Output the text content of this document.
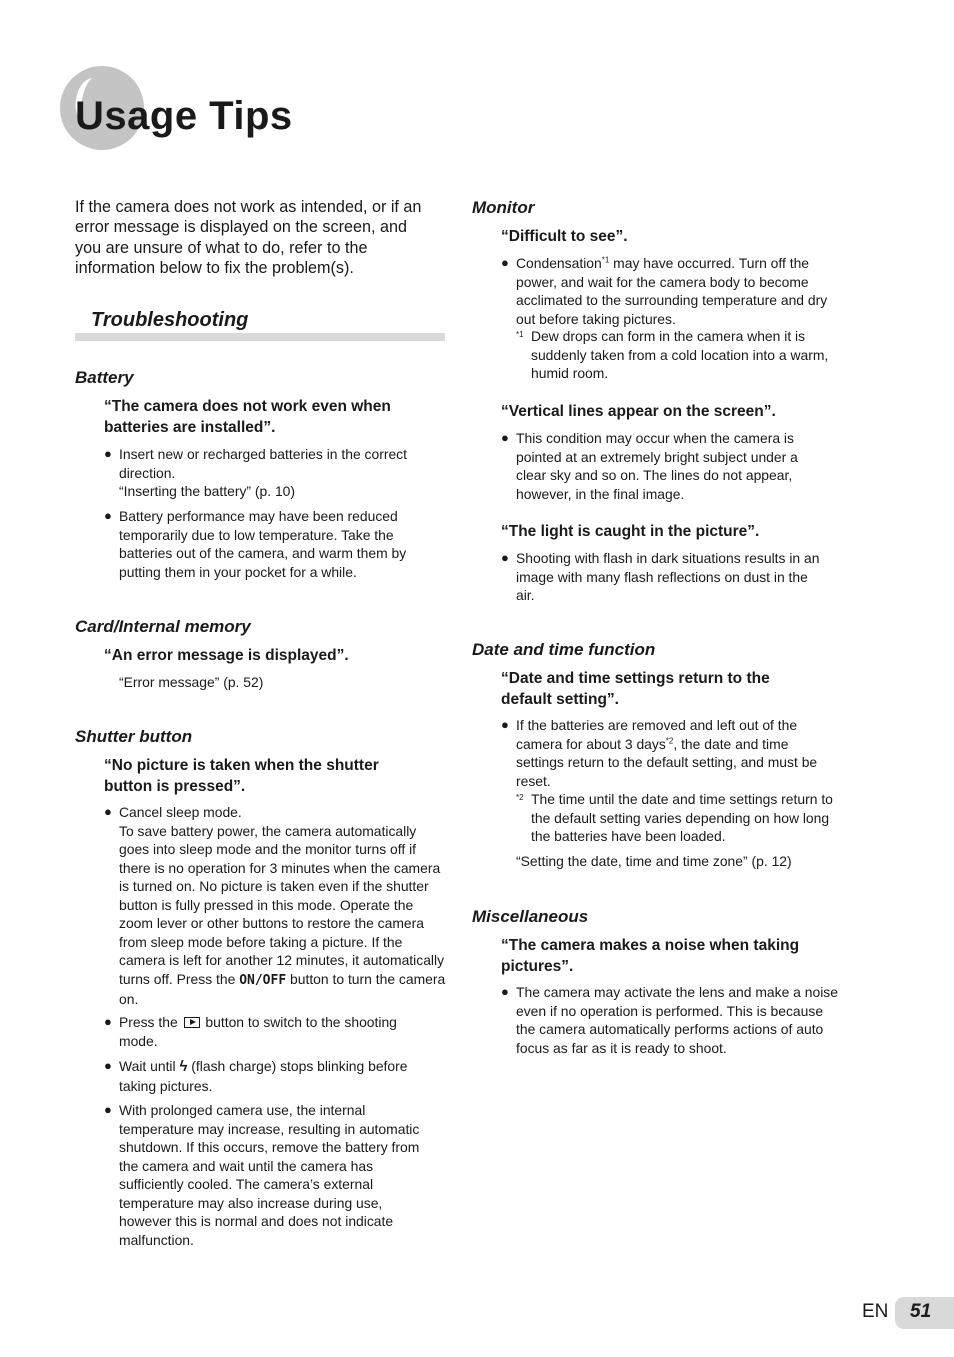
Usage Tips

If the camera does not work as intended, or if an error message is displayed on the screen, and you are unsure of what to do, refer to the information below to fix the problem(s).

Troubleshooting
Battery

“The camera does not work even when batteries are installed”.

● Insert new or recharged batteries in the correct direction.
“Inserting the battery” (p. 10)
● Battery performance may have been reduced temporarily due to low temperature. Take the batteries out of the camera, and warm them by putting them in your pocket for a while.
Card/Internal memory

“An error message is displayed”.

“Error message” (p. 52)

Shutter button

“No picture is taken when the shutter button is pressed”.

● Cancel sleep mode.
To save battery power, the camera automatically goes into sleep mode and the monitor turns off if there is no operation for 3 minutes when the camera is turned on. No picture is taken even if the shutter button is fully pressed in this mode. Operate the zoom lever or other buttons to restore the camera from sleep mode before taking a picture. If the camera is left for another 12 minutes, it automatically turns off. Press the ON/OFF button to turn the camera on.
● Press the button to switch to the shooting mode.
● Wait until ϟ (flash charge) stops blinking before taking pictures.
● With prolonged camera use, the internal temperature may increase, resulting in automatic shutdown. If this occurs, remove the battery from the camera and wait until the camera has sufficiently cooled. The camera’s external temperature may also increase during use, however this is normal and does not indicate malfunction.
Monitor

“Difficult to see”.

● Condensation$^{*1}$ may have occurred. Turn off the power, and wait for the camera body to become acclimated to the surrounding temperature and dry out before taking pictures.
*1 Dew drops can form in the camera when it is suddenly taken from a cold location into a warm, humid room.

“Vertical lines appear on the screen”.

● This condition may occur when the camera is pointed at an extremely bright subject under a clear sky and so on. The lines do not appear, however, in the final image.

“The light is caught in the picture”.

● Shooting with flash in dark situations results in an image with many flash reflections on dust in the air.
Date and time function

“Date and time settings return to the default setting”.

● If the batteries are removed and left out of the camera for about 3 days$^{*2}$, the date and time settings return to the default setting, and must be reset.
*2 The time until the date and time settings return to the default setting varies depending on how long the batteries have been loaded.

“Setting the date, time and time zone” (p. 12)

Miscellaneous

“The camera makes a noise when taking pictures”.

● The camera may activate the lens and make a noise even if no operation is performed. This is because the camera automatically performs actions of auto focus as far as it is ready to shoot.
EN 51
